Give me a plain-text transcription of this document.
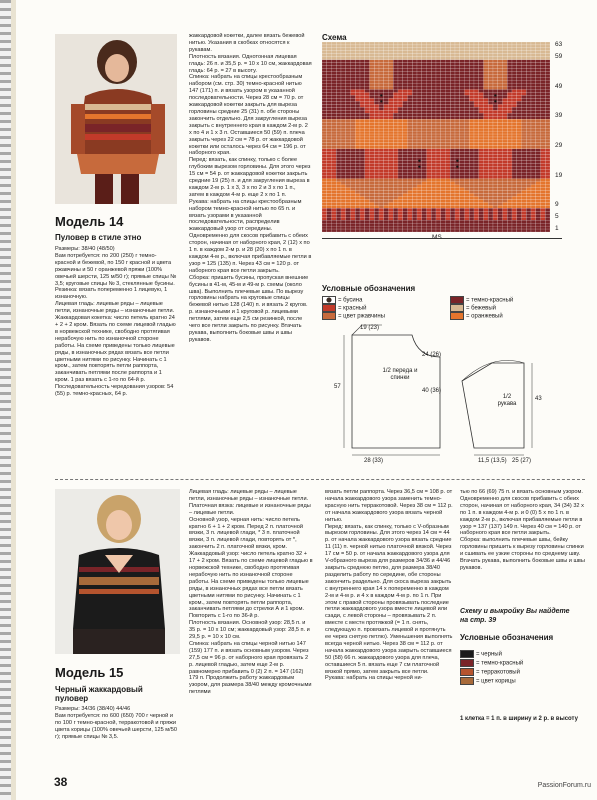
Модель 14
Пуловер в стиле этно
Размеры: 38/40 (48/50)
Вам потребуется: по 200 (250) г темно-красной и бежевой, по 150 г красной и цвета ржавчины и 50 г оранжевой пряжи (100% овечьей шерсти, 125 м/50 г); прямые спицы № 3,5; круговые спицы № 3, стеклянные бусины.
Резинка: вязать попеременно 1 лицевую, 1 изнаночную.
Лицевая гладь: лицевые ряды – лицевые петли, изнаночные ряды – изнаночные петли.
Жаккардовая кокетка: число петель кратно 24 + 2 + 2 кром. Вязать по схеме лицевой гладью в норвежской технике, свободно протягивая нерабочую нить по изнаночной стороне работы. На схеме приведены только лицевые ряды, в изнаночных рядах вязать все петли цветными нитями по рисунку. Начинать с 1 кром., затем повторять петли раппорта, заканчивать петлями после раппорта и 1 кром. 1 раз вязать с 1-го по 64-й р.
Последовательность чередования узоров: 54 (55) р. темно-красных, 64 р.
жаккардовой кокетки, далее вязать бежевой нитью. Указания в скобках относятся к рукавам.
Плотность вязания. Однотонная лицевая гладь: 26 п. и 35,5 р. = 10 х 10 см, жаккардовая гладь: 64 р. = 27 в высоту.
Спинка: набрать на спицы крестообразным набором (см. стр. 30) темно-красной нитью 147 (171) п. и вязать узором в указанной последовательности. Через 28 см = 70 р. от жаккардовой кокетки закрыть для выреза горловины средние 25 (31) п. обе стороны закончить отдельно. Для закругления выреза закрыть с внутреннего края в каждом 2-м р. 2 х по 4 и 1 х 3 п. Оставшиеся 50 (59) п. плеча закрыть через 22 см = 78 р. от жаккардовой кокетки или осталось через 64 см = 196 р. от наборного края.
Перед: вязать, как спинку, только с более глубоким вырезом горловины. Для этого через 15 см = 54 р. от жаккардовой кокетки закрыть средние 19 (25) п. и для закругления выреза в каждом 2-м р. 1 х 3, 3 х по 2 и 3 х по 1 п., затем в каждом 4-м р. еще 2 х по 1 п.
Рукава: набрать на спицы крестообразным набором темно-красной нитью по 65 п. и вязать узорами в указанной последовательности, распределив жаккардовый узор от середины. Одновременно для скосов прибавить с обеих сторон, начиная от наборного края, 2 (12) х по 1 п. в каждом 2-м р. и 28 (20) х по 1 п. в каждом 4-м р., включая прибавляемые петли в узор = 125 (135) п. Через 43 см = 120 р. от наборного края все петли закрыть.
Сборка: пришить бусины, пропуская внешние бусины в 41-м, 45-м и 49-м р. схемы (около шва). Выполнить плечевые швы. По вырезу горловины набрать на круговые спицы бежевой нитью 128 (140) п. и вязать 2 кругов. р. изнаночными и 1 круговой р. лицевыми петлями, затем еще 2,5 см резинкой, после чего все петли закрыть по рисунку. Втачать рукава, выполнить боковые швы и швы рукавов.
Схема
63
59
49
39
29
19
9
5
1
MS
Условные обозначения
= бусина
= красный
= цвет ржавчины
= темно-красный
= бежевый
= оранжевый
1/2 переда и спинки
1/2 рукава
19 (23)
24 (26)
57
40 (36)
28 (33)
43
11,5 (13,5) 25 (27)
Модель 15
Черный жаккардовый
пуловер
Размеры: 34/36 (38/40) 44/46
Вам потребуется: по 600 (650) 700 г черной и по 100 г темно-красной, терракотовой и пряжи цвета корицы (100% овечьей шерсти, 125 м/50 г); прямые спицы № 3,5.
Лицевая гладь: лицевые ряды – лицевые петли, изнаночные ряды – изнаночные петли.
Платочная вязка: лицевые и изнаночные ряды – лицевые петли.
Основной узор, черная нить: число петель кратно 6 + 1 + 2 кром. Перед 2 п. платочной вязки, 3 п. лицевой глади, * 3 п. платочной вязки, 3 п. лицевой глади, повторять от *, закончить 2 п. платочной вязки, кром.
Жаккардовый узор: число петель кратно 32 + 17 + 2 кром. Вязать по схеме лицевой гладью в норвежской технике, свободно протягивая нерабочую нить по изнаночной стороне работы. На схеме приведены только лицевые ряды, в изнаночных рядах все петли вязать цветными нитями по рисунку. Начинать с 1 кром., затем повторять петли раппорта, заканчивать петлями до стрелки А и 1 кром. Повторить с 1-го по 36-й р.
Плотность вязания. Основной узор: 28,5 п. и 35 р. = 10 х 10 см; жаккардовый узор: 28,5 п. и 29,5 р. = 10 х 10 см.
Спинка: набрать на спицы черной нитью 147 (159) 177 п. и вязать основным узором. Через 27,5 см = 96 р. от наборного края провязать 2 р. лицевой гладью, затем еще 2-м р. равномерно прибавить 0 (2) 2 п. = 147 (162) 179 п. Продолжить работу жаккардовым узором, для размера 38/40 между кромочными петлями
вязать петли раппорта. Через 36,5 см = 108 р. от начала жаккардового узора заменить темно-красную нить терракотовой. Через 38 см = 112 р. от начала жаккардового узора вязать черной нитью.
Перед: вязать, как спинку, только с V-образным вырезом горловины. Для этого через 14 см = 44 р. от начала жаккардового узора вязать средние 11 (11) п. черной нитью платочной вязкой. Через 17 см = 50 р. от начала жаккардового узора для V-образного выреза для размеров 34/36 и 44/46 закрыть среднюю петлю, для размера 38/40 разделить работу по середине, обе стороны закончить раздельно. Для скоса выреза закрыть с внутреннего края 14 х попеременно в каждом 2-м и 4-м р. и 4 х в каждом 4-м р. по 1 п. При этом с правой стороны провязывать последние петли жаккардового узора вместе лицевой или сзади, с левой стороны – провязывать 2 п. вместе с местн протяжкой (= 1 п. снять, следующую п. провязать лицевой и протянуть ее через снятую петлю). Уменьшения выполнять всегда черной нитью. Через 38 см = 112 р. от начала жаккардового узора закрыть оставшиеся 50 (58) 66 п. жаккардового узора для плеча, оставшиеся 5 п. вязать еще 7 см платочной вязкой прямо, затем закрыть все петли.
Рукава: набрать на спицы черной ни-
тью по 66 (69) 75 п. и вязать основным узором. Одновременно для скосов прибавить с обеих сторон, начиная от наборного края, 34 (34) 32 х по 1 п. в каждом 4-м р. и 0 (0) 5 х по 1 п. в каждом 2-м р., включая прибавляемые петли в узор = 137 (137) 149 п. Через 40 см = 140 р. от наборного края все петли закрыть.
Сборка: выполнить плечевые швы, бейку горловины пришить к вырезу горловины спинки и сшивать ее узкие стороны по среднему шву. Втачать рукава, выполнить боковые швы и швы рукавов.
Схему и выкройку Вы найдете
на стр. 39
Условные обозначения
= черный
= темно-красный
= терракотовый
= цвет корицы
1 клетка = 1 п. в ширину и 2 р. в высоту
38	PassionForum.ru
